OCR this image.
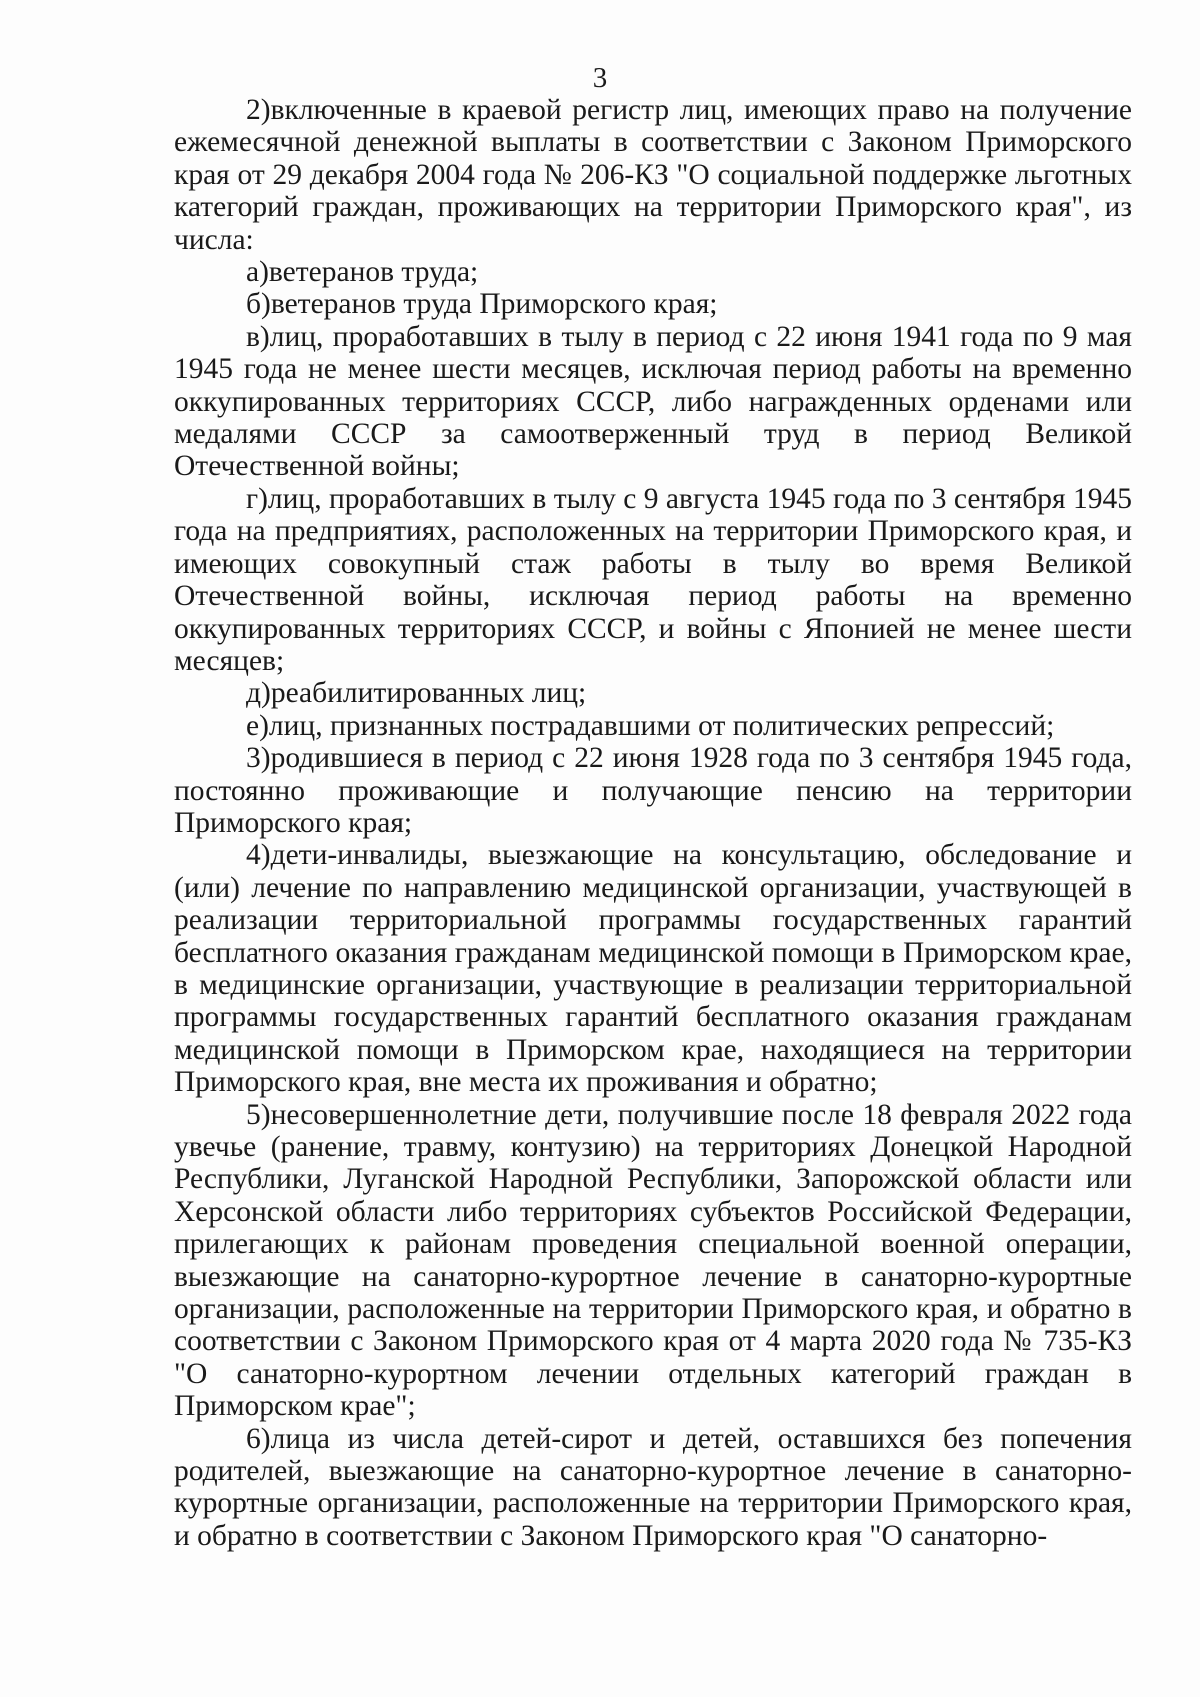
3

2)включенные в краевой регистр лиц, имеющих право на получение ежемесячной денежной выплаты в соответствии с Законом Приморского края от 29 декабря 2004 года № 206-КЗ "О социальной поддержке льготных категорий граждан, проживающих на территории Приморского края", из числа:

а)ветеранов труда;

б)ветеранов труда Приморского края;

в)лиц, проработавших в тылу в период с 22 июня 1941 года по 9 мая 1945 года не менее шести месяцев, исключая период работы на временно оккупированных территориях СССР, либо награжденных орденами или медалями СССР за самоотверженный труд в период Великой Отечественной войны;

г)лиц, проработавших в тылу с 9 августа 1945 года по 3 сентября 1945 года на предприятиях, расположенных на территории Приморского края, и имеющих совокупный стаж работы в тылу во время Великой Отечественной войны, исключая период работы на временно оккупированных территориях СССР, и войны с Японией не менее шести месяцев;

д)реабилитированных лиц;

е)лиц, признанных пострадавшими от политических репрессий;

3)родившиеся в период с 22 июня 1928 года по 3 сентября 1945 года, постоянно проживающие и получающие пенсию на территории Приморского края;

4)дети-инвалиды, выезжающие на консультацию, обследование и (или) лечение по направлению медицинской организации, участвующей в реализации территориальной программы государственных гарантий бесплатного оказания гражданам медицинской помощи в Приморском крае, в медицинские организации, участвующие в реализации территориальной программы государственных гарантий бесплатного оказания гражданам медицинской помощи в Приморском крае, находящиеся на территории Приморского края, вне места их проживания и обратно;

5)несовершеннолетние дети, получившие после 18 февраля 2022 года увечье (ранение, травму, контузию) на территориях Донецкой Народной Республики, Луганской Народной Республики, Запорожской области или Херсонской области либо территориях субъектов Российской Федерации, прилегающих к районам проведения специальной военной операции, выезжающие на санаторно-курортное лечение в санаторно-курортные организации, расположенные на территории Приморского края, и обратно в соответствии с Законом Приморского края от 4 марта 2020 года № 735-КЗ "О санаторно-курортном лечении отдельных категорий граждан в Приморском крае";

6)лица из числа детей-сирот и детей, оставшихся без попечения родителей, выезжающие на санаторно-курортное лечение в санаторно-курортные организации, расположенные на территории Приморского края, и обратно в соответствии с Законом Приморского края "О санаторно-
